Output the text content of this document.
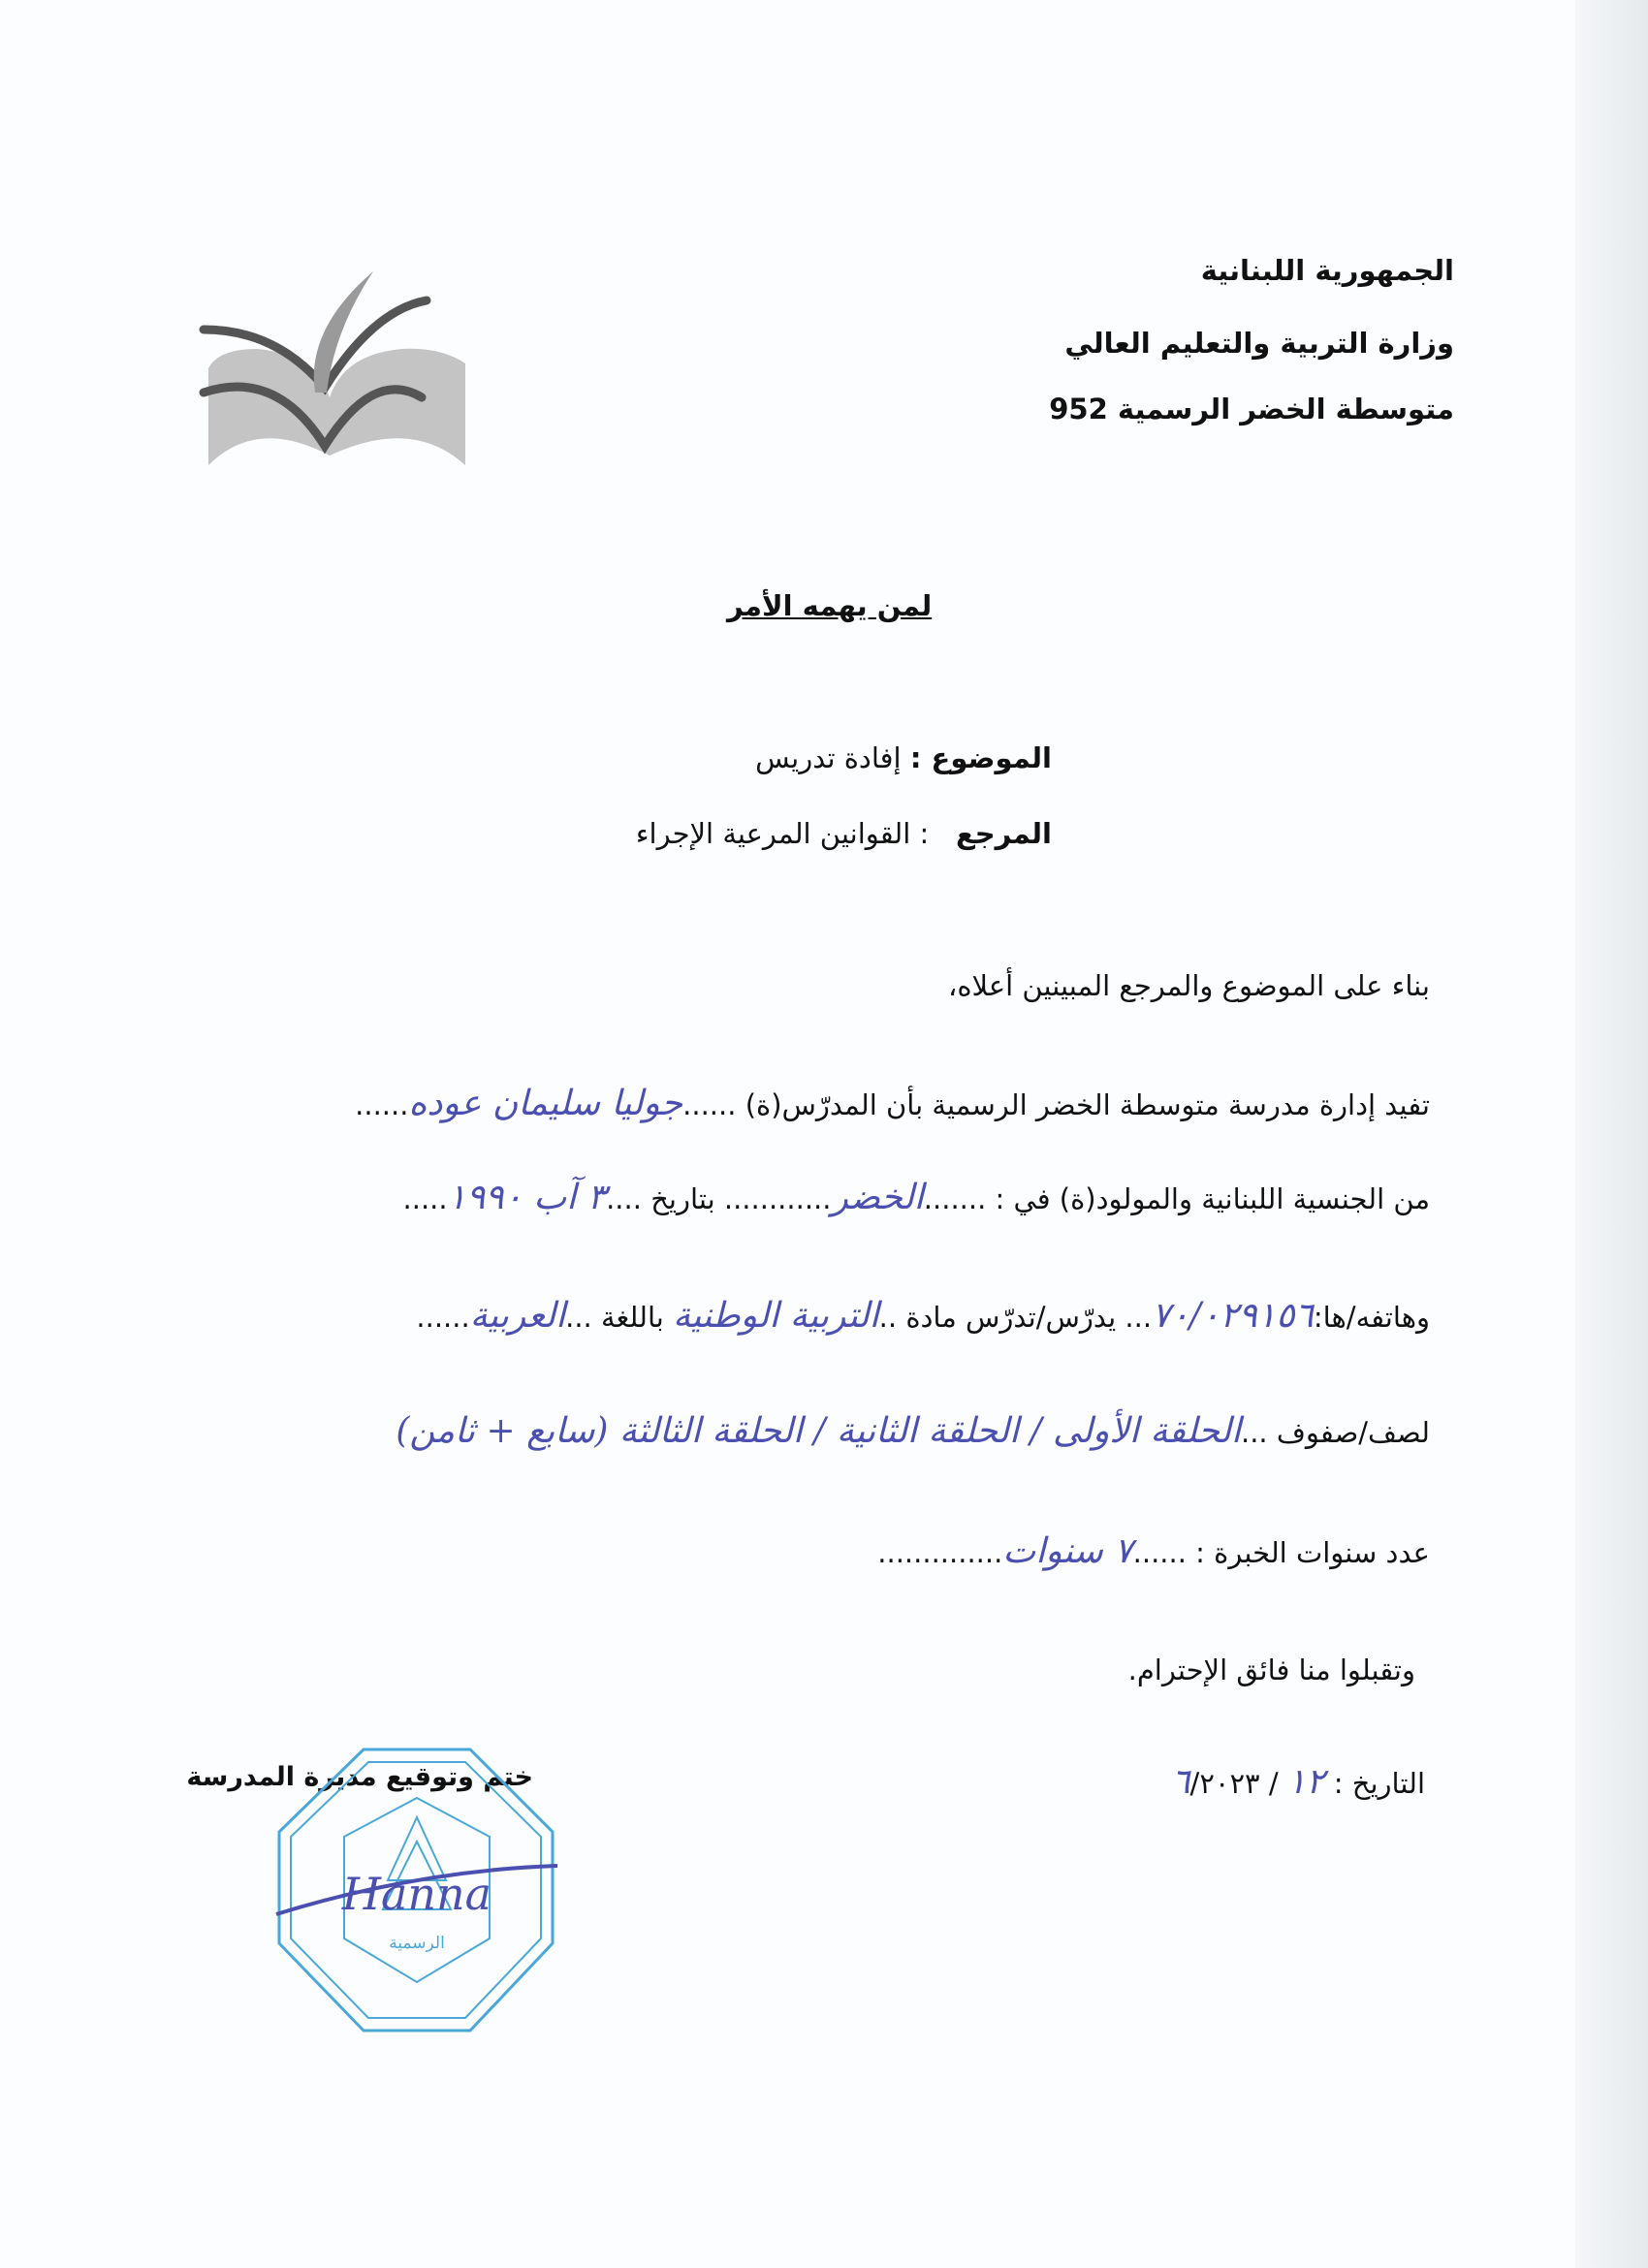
الجمهورية اللبنانية
وزارة التربية والتعليم العالي
متوسطة الخضر الرسمية 952
لمن يهمه الأمر
الموضوع : إفادة تدريس
المرجع   : القوانين المرعية الإجراء
بناء على الموضوع والمرجع المبينين أعلاه،
تفيد إدارة مدرسة متوسطة الخضر الرسمية بأن المدرّس(ة) ......جوليا سليمان عوده......
من الجنسية اللبنانية والمولود(ة) في : .......الخضر............ بتاريخ ....٣ آب ١٩٩٠.....
وهاتفه/ها:٧٠/٠٢٩١٥٦... يدرّس/تدرّس مادة ..التربية الوطنية باللغة ...العربية......
لصف/صفوف ...الحلقة الأولى / الحلقة الثانية / الحلقة الثالثة (سابع + ثامن)
عدد سنوات الخبرة : ......٧ سنوات..............
وتقبلوا منا فائق الإحترام.
التاريخ : ١٢ / ٦/٢٠٢٣
ختم وتوقيع مديرة المدرسة
الرسمية
Hanna
